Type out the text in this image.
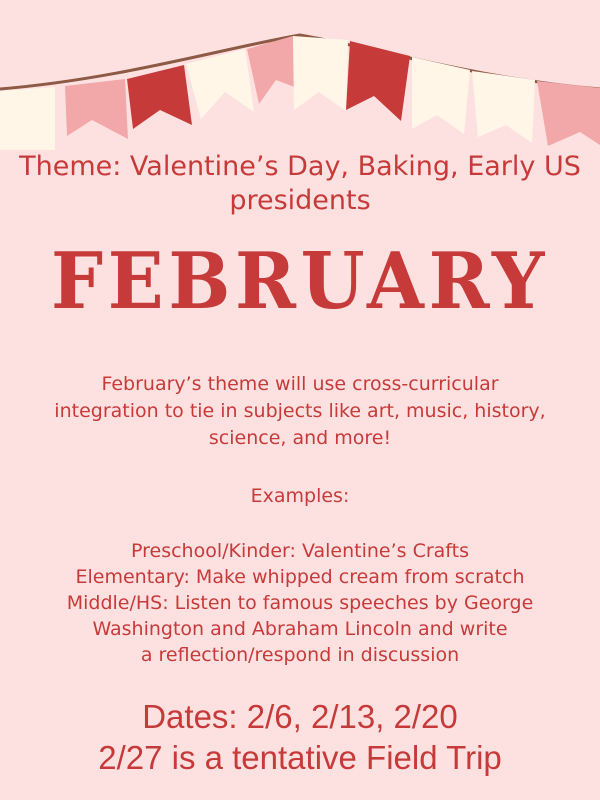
Theme: Valentine’s Day, Baking, Early US
presidents
FEBRUARY
February’s theme will use cross-curricular
integration to tie in subjects like art, music, history,
science, and more!
Examples:
Preschool/Kinder: Valentine’s Crafts
Elementary: Make whipped cream from scratch
Middle/HS: Listen to famous speeches by George
Washington and Abraham Lincoln and write
a reflection/respond in discussion
Dates: 2/6, 2/13, 2/20
2/27 is a tentative Field Trip
